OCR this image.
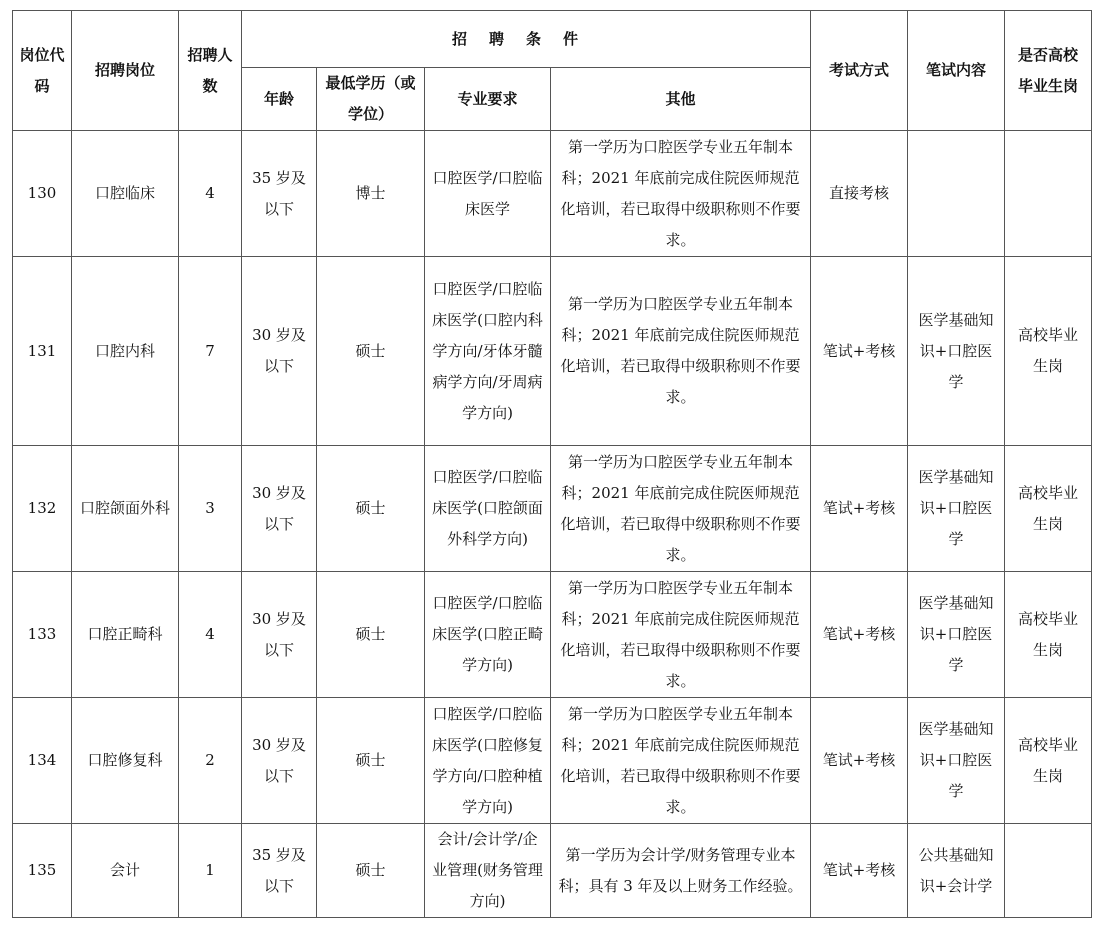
岗位代码	招聘岗位	招聘人数	招聘条件				考试方式	笔试内容	是否高校毕业生岗
			年龄	最低学历（或学位）	专业要求	其他			
130	口腔临床	4	35 岁及以下	博士	口腔医学/口腔临床医学	第一学历为口腔医学专业五年制本科；2021 年底前完成住院医师规范化培训，若已取得中级职称则不作要求。	直接考核		
131	口腔内科	7	30 岁及以下	硕士	口腔医学/口腔临床医学(口腔内科学方向/牙体牙髓病学方向/牙周病学方向)	第一学历为口腔医学专业五年制本科；2021 年底前完成住院医师规范化培训，若已取得中级职称则不作要求。	笔试+考核	医学基础知识+口腔医学	高校毕业生岗
132	口腔颌面外科	3	30 岁及以下	硕士	口腔医学/口腔临床医学(口腔颌面外科学方向)	第一学历为口腔医学专业五年制本科；2021 年底前完成住院医师规范化培训，若已取得中级职称则不作要求。	笔试+考核	医学基础知识+口腔医学	高校毕业生岗
133	口腔正畸科	4	30 岁及以下	硕士	口腔医学/口腔临床医学(口腔正畸学方向)	第一学历为口腔医学专业五年制本科；2021 年底前完成住院医师规范化培训，若已取得中级职称则不作要求。	笔试+考核	医学基础知识+口腔医学	高校毕业生岗
134	口腔修复科	2	30 岁及以下	硕士	口腔医学/口腔临床医学(口腔修复学方向/口腔种植学方向)	第一学历为口腔医学专业五年制本科；2021 年底前完成住院医师规范化培训，若已取得中级职称则不作要求。	笔试+考核	医学基础知识+口腔医学	高校毕业生岗
135	会计	1	35 岁及以下	硕士	会计/会计学/企业管理(财务管理方向)	第一学历为会计学/财务管理专业本科；具有 3 年及以上财务工作经验。	笔试+考核	公共基础知识+会计学	
